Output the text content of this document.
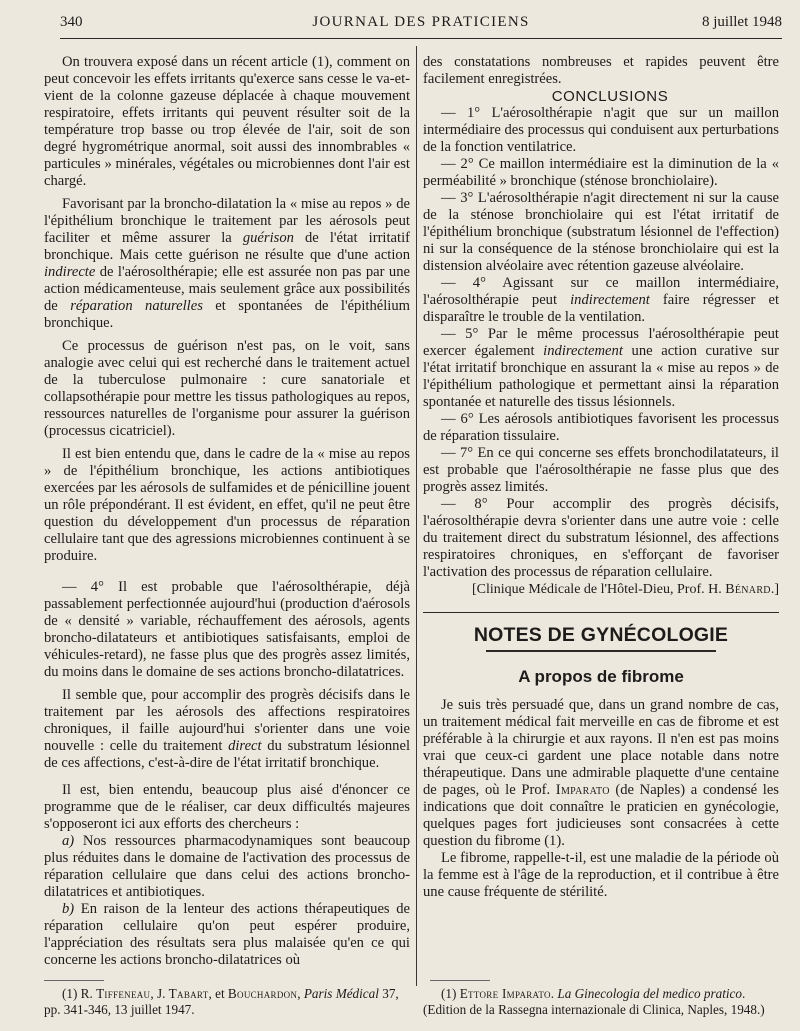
340	JOURNAL DES PRATICIENS	8 juillet 1948

On trouvera exposé dans un récent article (1), comment on peut concevoir les effets irritants qu'exerce sans cesse le va-et-vient de la colonne gazeuse déplacée à chaque mouvement respiratoire, effets irritants qui peuvent résulter soit de la température trop basse ou trop élevée de l'air, soit de son degré hygrométrique anormal, soit aussi des innombrables « particules » minérales, végétales ou microbiennes dont l'air est chargé.

Favorisant par la broncho-dilatation la « mise au repos » de l'épithélium bronchique le traitement par les aérosols peut faciliter et même assurer la guérison de l'état irritatif bronchique. Mais cette guérison ne résulte que d'une action indirecte de l'aérosolthérapie; elle est assurée non pas par une action médicamenteuse, mais seulement grâce aux possibilités de réparation naturelles et spontanées de l'épithélium bronchique.

Ce processus de guérison n'est pas, on le voit, sans analogie avec celui qui est recherché dans le traitement actuel de la tuberculose pulmonaire : cure sanatoriale et collapsothérapie pour mettre les tissus pathologiques au repos, ressources naturelles de l'organisme pour assurer la guérison (processus cicatriciel).

Il est bien entendu que, dans le cadre de la « mise au repos » de l'épithélium bronchique, les actions antibiotiques exercées par les aérosols de sulfamides et de pénicilline jouent un rôle prépondérant. Il est évident, en effet, qu'il ne peut être question du développement d'un processus de réparation cellulaire tant que des agressions microbiennes continuent à se produire.

— 4° Il est probable que l'aérosolthérapie, déjà passablement perfectionnée aujourd'hui (production d'aérosols de « densité » variable, réchauffement des aérosols, agents broncho-dilatateurs et antibiotiques satisfaisants, emploi de véhicules-retard), ne fasse plus que des progrès assez limités, du moins dans le domaine de ses actions broncho-dilatatrices.

Il semble que, pour accomplir des progrès décisifs dans le traitement par les aérosols des affections respiratoires chroniques, il faille aujourd'hui s'orienter dans une voie nouvelle : celle du traitement direct du substratum lésionnel de ces affections, c'est-à-dire de l'état irritatif bronchique.

Il est, bien entendu, beaucoup plus aisé d'énoncer ce programme que de le réaliser, car deux difficultés majeures s'opposeront ici aux efforts des chercheurs :

a) Nos ressources pharmacodynamiques sont beaucoup plus réduites dans le domaine de l'activation des processus de réparation cellulaire que dans celui des actions broncho-dilatatrices et antibiotiques.

b) En raison de la lenteur des actions thérapeutiques de réparation cellulaire qu'on peut espérer produire, l'appréciation des résultats sera plus malaisée qu'en ce qui concerne les actions broncho-dilatatrices où

des constatations nombreuses et rapides peuvent être facilement enregistrées.

CONCLUSIONS

— 1° L'aérosolthérapie n'agit que sur un maillon intermédiaire des processus qui conduisent aux perturbations de la fonction ventilatrice.

— 2° Ce maillon intermédiaire est la diminution de la « perméabilité » bronchique (sténose bronchiolaire).

— 3° L'aérosolthérapie n'agit directement ni sur la cause de la sténose bronchiolaire qui est l'état irritatif de l'épithélium bronchique (substratum lésionnel de l'effection) ni sur la conséquence de la sténose bronchiolaire qui est la distension alvéolaire avec rétention gazeuse alvéolaire.

— 4° Agissant sur ce maillon intermédiaire, l'aérosolthérapie peut indirectement faire régresser et disparaître le trouble de la ventilation.

— 5° Par le même processus l'aérosolthérapie peut exercer également indirectement une action curative sur l'état irritatif bronchique en assurant la « mise au repos » de l'épithélium pathologique et permettant ainsi la réparation spontanée et naturelle des tissus lésionnels.

— 6° Les aérosols antibiotiques favorisent les processus de réparation tissulaire.

— 7° En ce qui concerne ses effets bronchodilatateurs, il est probable que l'aérosolthérapie ne fasse plus que des progrès assez limités.

— 8° Pour accomplir des progrès décisifs, l'aérosolthérapie devra s'orienter dans une autre voie : celle du traitement direct du substratum lésionnel, des affections respiratoires chroniques, en s'efforçant de favoriser l'activation des processus de réparation cellulaire.

[Clinique Médicale de l'Hôtel-Dieu, Prof. H. Bénard.]

NOTES DE GYNÉCOLOGIE
A propos de fibrome

Je suis très persuadé que, dans un grand nombre de cas, un traitement médical fait merveille en cas de fibrome et est préférable à la chirurgie et aux rayons. Il n'en est pas moins vrai que ceux-ci gardent une place notable dans notre thérapeutique. Dans une admirable plaquette d'une centaine de pages, où le Prof. Imparato (de Naples) a condensé les indications que doit connaître le praticien en gynécologie, quelques pages fort judicieuses sont consacrées à cette question du fibrome (1).

Le fibrome, rappelle-t-il, est une maladie de la période où la femme est à l'âge de la reproduction, et il contribue à être une cause fréquente de stérilité.

(1) R. Tiffeneau, J. Tabart, et Bouchardon, Paris Médical 37, pp. 341-346, 13 juillet 1947.

(1) Ettore Imparato. La Ginecologia del medico pratico. (Edition de la Rassegna internazionale di Clinica, Naples, 1948.)
